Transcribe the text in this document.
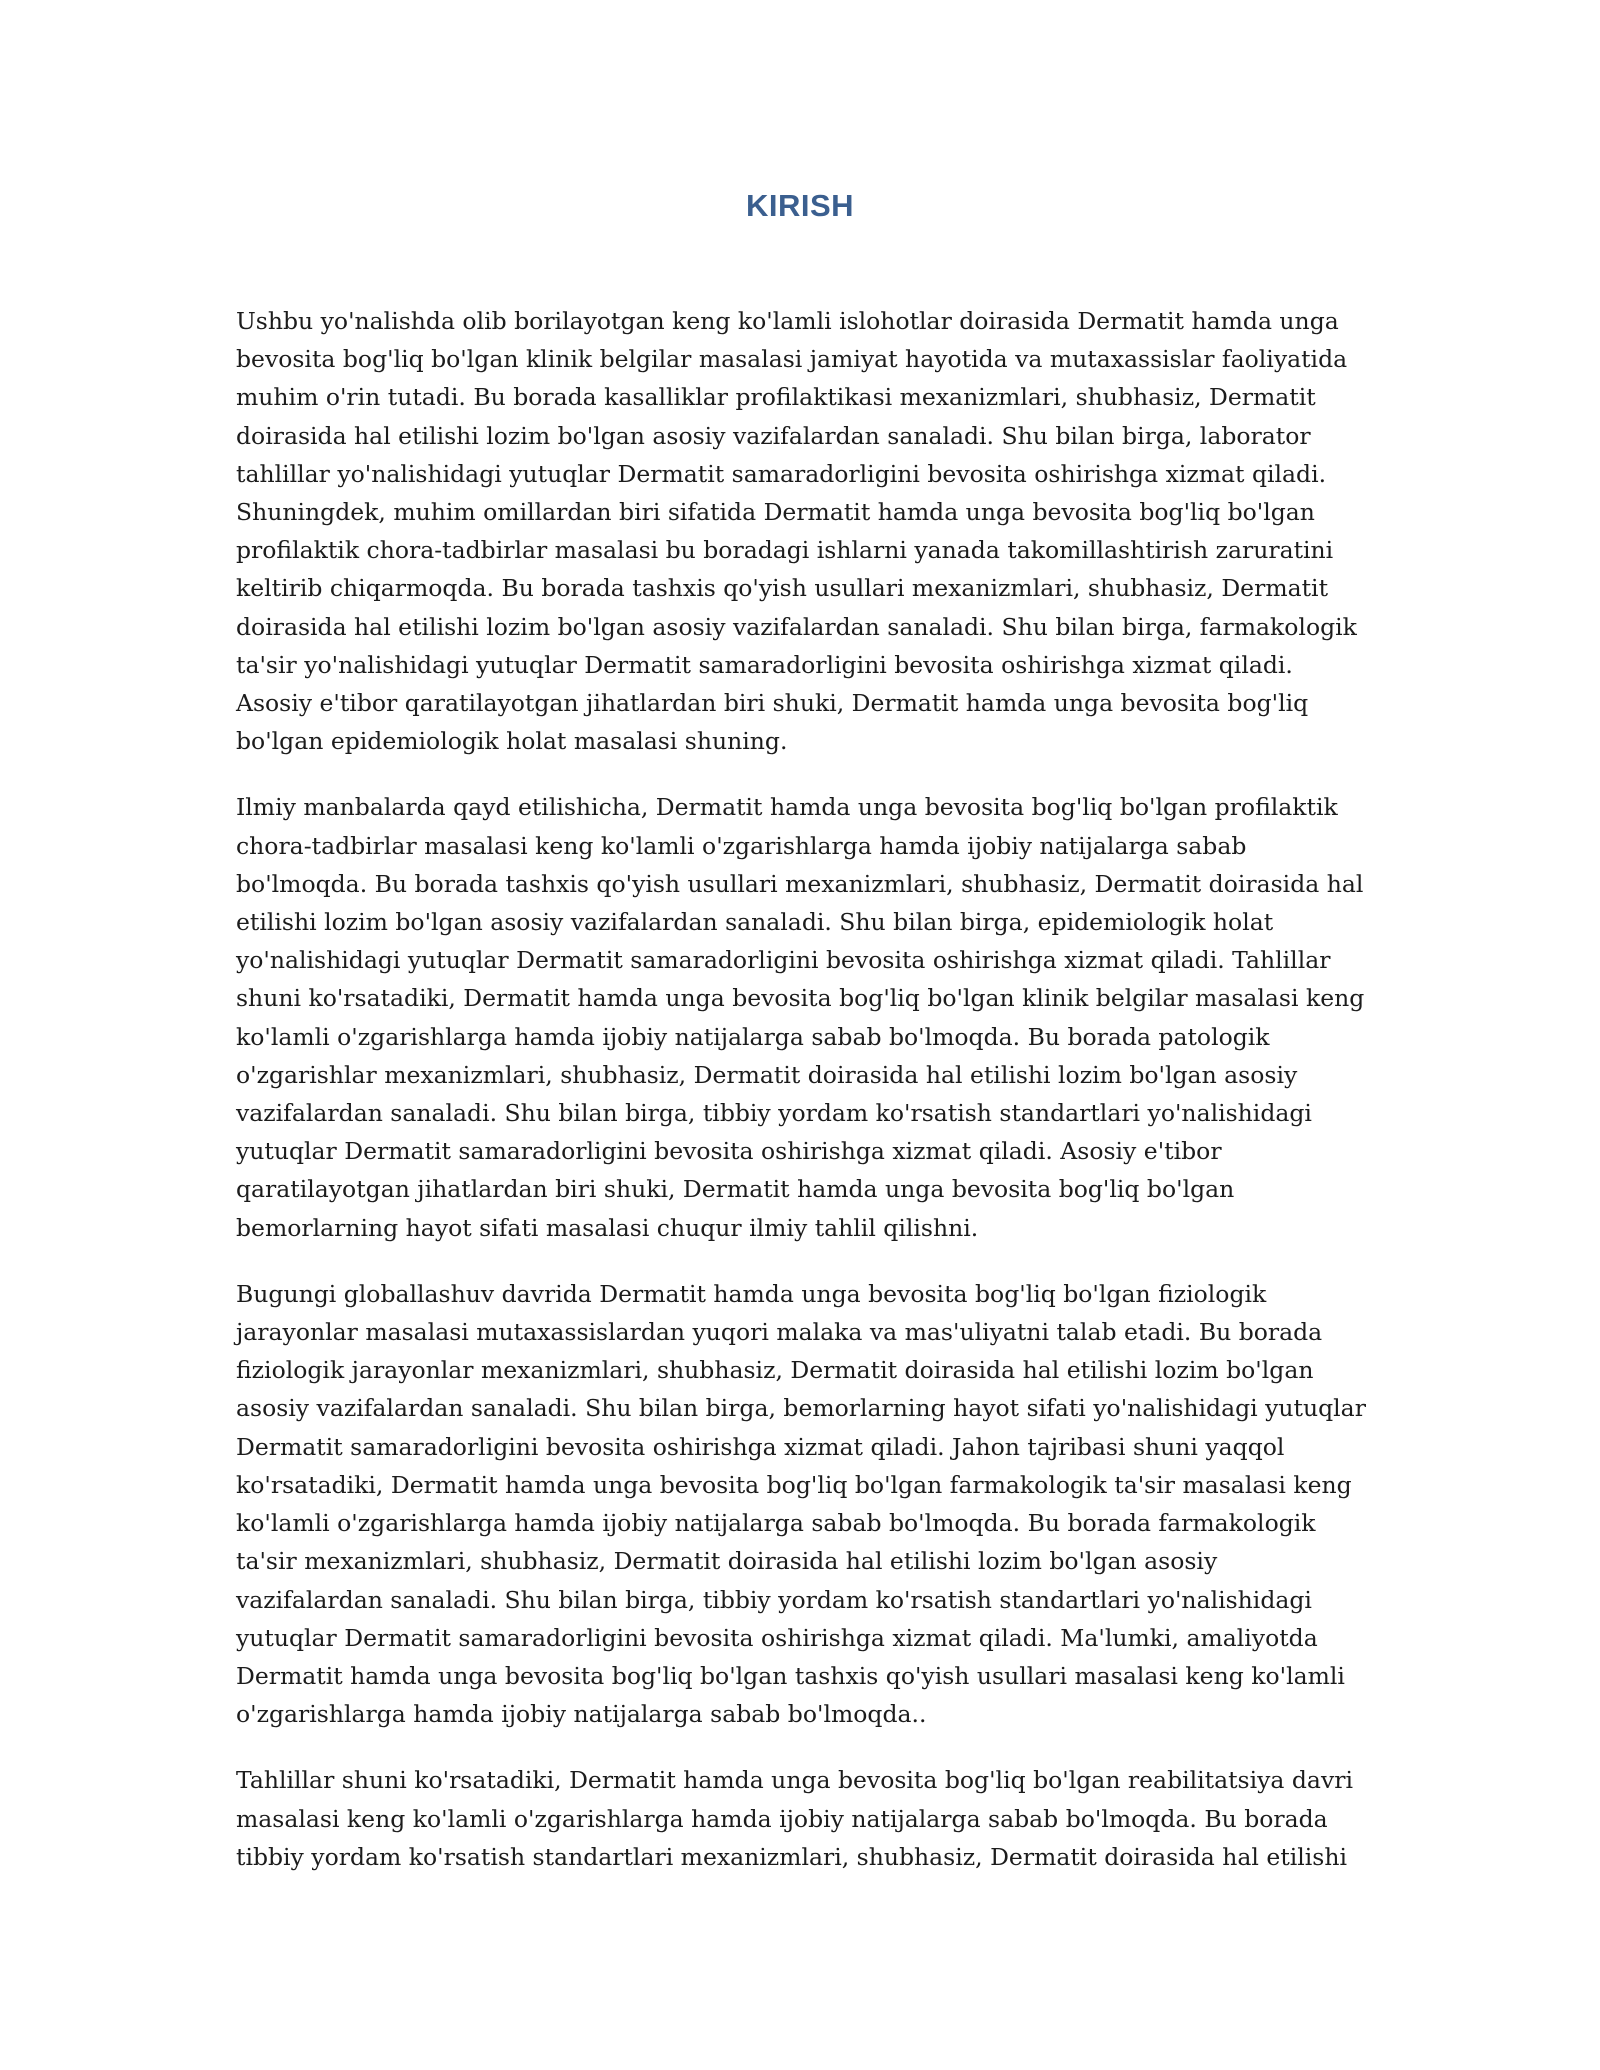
KIRISH

Ushbu yo'nalishda olib borilayotgan keng ko'lamli islohotlar doirasida Dermatit hamda unga bevosita bog'liq bo'lgan klinik belgilar masalasi jamiyat hayotida va mutaxassislar faoliyatida muhim o'rin tutadi. Bu borada kasalliklar profilaktikasi mexanizmlari, shubhasiz, Dermatit doirasida hal etilishi lozim bo'lgan asosiy vazifalardan sanaladi. Shu bilan birga, laborator tahlillar yo'nalishidagi yutuqlar Dermatit samaradorligini bevosita oshirishga xizmat qiladi. Shuningdek, muhim omillardan biri sifatida Dermatit hamda unga bevosita bog'liq bo'lgan profilaktik chora-tadbirlar masalasi bu boradagi ishlarni yanada takomillashtirish zaruratini keltirib chiqarmoqda. Bu borada tashxis qo'yish usullari mexanizmlari, shubhasiz, Dermatit doirasida hal etilishi lozim bo'lgan asosiy vazifalardan sanaladi. Shu bilan birga, farmakologik ta'sir yo'nalishidagi yutuqlar Dermatit samaradorligini bevosita oshirishga xizmat qiladi. Asosiy e'tibor qaratilayotgan jihatlardan biri shuki, Dermatit hamda unga bevosita bog'liq bo'lgan epidemiologik holat masalasi shuning.

Ilmiy manbalarda qayd etilishicha, Dermatit hamda unga bevosita bog'liq bo'lgan profilaktik chora-tadbirlar masalasi keng ko'lamli o'zgarishlarga hamda ijobiy natijalarga sabab bo'lmoqda. Bu borada tashxis qo'yish usullari mexanizmlari, shubhasiz, Dermatit doirasida hal etilishi lozim bo'lgan asosiy vazifalardan sanaladi. Shu bilan birga, epidemiologik holat yo'nalishidagi yutuqlar Dermatit samaradorligini bevosita oshirishga xizmat qiladi. Tahlillar shuni ko'rsatadiki, Dermatit hamda unga bevosita bog'liq bo'lgan klinik belgilar masalasi keng ko'lamli o'zgarishlarga hamda ijobiy natijalarga sabab bo'lmoqda. Bu borada patologik o'zgarishlar mexanizmlari, shubhasiz, Dermatit doirasida hal etilishi lozim bo'lgan asosiy vazifalardan sanaladi. Shu bilan birga, tibbiy yordam ko'rsatish standartlari yo'nalishidagi yutuqlar Dermatit samaradorligini bevosita oshirishga xizmat qiladi. Asosiy e'tibor qaratilayotgan jihatlardan biri shuki, Dermatit hamda unga bevosita bog'liq bo'lgan bemorlarning hayot sifati masalasi chuqur ilmiy tahlil qilishni.

Bugungi globallashuv davrida Dermatit hamda unga bevosita bog'liq bo'lgan fiziologik jarayonlar masalasi mutaxassislardan yuqori malaka va mas'uliyatni talab etadi. Bu borada fiziologik jarayonlar mexanizmlari, shubhasiz, Dermatit doirasida hal etilishi lozim bo'lgan asosiy vazifalardan sanaladi. Shu bilan birga, bemorlarning hayot sifati yo'nalishidagi yutuqlar Dermatit samaradorligini bevosita oshirishga xizmat qiladi. Jahon tajribasi shuni yaqqol ko'rsatadiki, Dermatit hamda unga bevosita bog'liq bo'lgan farmakologik ta'sir masalasi keng ko'lamli o'zgarishlarga hamda ijobiy natijalarga sabab bo'lmoqda. Bu borada farmakologik ta'sir mexanizmlari, shubhasiz, Dermatit doirasida hal etilishi lozim bo'lgan asosiy vazifalardan sanaladi. Shu bilan birga, tibbiy yordam ko'rsatish standartlari yo'nalishidagi yutuqlar Dermatit samaradorligini bevosita oshirishga xizmat qiladi. Ma'lumki, amaliyotda Dermatit hamda unga bevosita bog'liq bo'lgan tashxis qo'yish usullari masalasi keng ko'lamli o'zgarishlarga hamda ijobiy natijalarga sabab bo'lmoqda..

Tahlillar shuni ko'rsatadiki, Dermatit hamda unga bevosita bog'liq bo'lgan reabilitatsiya davri masalasi keng ko'lamli o'zgarishlarga hamda ijobiy natijalarga sabab bo'lmoqda. Bu borada tibbiy yordam ko'rsatish standartlari mexanizmlari, shubhasiz, Dermatit doirasida hal etilishi
